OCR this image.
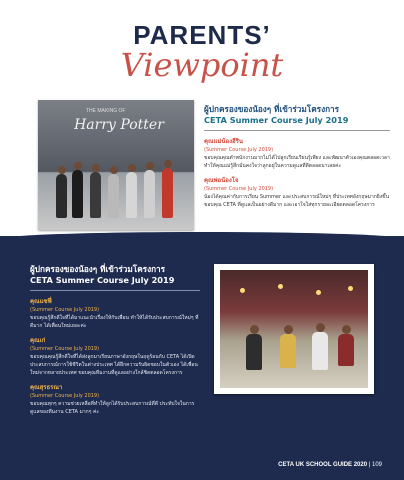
PARENTS’
Viewpoint
THE MAKING OF
Harry Potter
ผู้ปกครองของน้องๆ ที่เข้าร่วมโครงการ
CETA Summer Course July 2019
คุณแม่น้องฮีริน
(Summer Course July 2019)
ขอบคุณคุณตำพนักงานมากไม่ได้ไปลูกเรียนเรียนรู้เพียง และพัฒนาตัวเองคุณตลอดเวลา ทำให้คุณแม่รู้สึกมั่นคงใจว่าลูกอยู่ในความดูแลที่ดีตลอดมาเลยค่ะ
คุณพ่อน้องโจ
(Summer Course July 2019)
น้องได้คุณค่ากับการเรียน Summer และประสบการณ์ใหม่ๆ ที่ประเทศอังกฤษมากยิ่งขึ้น ขอบคุณ CETA ที่ดูแลเป็นอย่างดีมาก และเอาใจใส่ทุกรายละเอียดตลอดโครงการ
ผู้ปกครองของน้องๆ ที่เข้าร่วมโครงการ
CETA Summer Course July 2019
คุณแซฟี่
(Summer Course July 2019)
ขอบคุณรู้สึกดีใจที่ได้มาแนะนำเรื่องให้กับเพื่อน ทำให้ได้รับประสบการณ์ใหม่ๆ ที่ดีมาก ได้เพื่อนใหม่เยอะค่ะ
คุณเก่
(Summer Course July 2019)
ขอบคุณคุณรู้สึกดีใจที่ได้ส่งลูกมาเรียนภาษาอังกฤษในฤดูร้อนกับ CETA ได้เปิดประสบการณ์การใช้ชีวิตในต่างประเทศ ได้ฝึกความรับผิดชอบในตัวเอง ได้เพื่อนใหม่จากหลายประเทศ ขอบคุณทีมงานที่ดูแลอย่างใกล้ชิดตลอดโครงการ
คุณสุรธรณา
(Summer Course July 2019)
ขอบคุณทุกๆ ความช่วยเหลือที่ทำให้ลูกได้รับประสบการณ์ที่ดี ประทับใจในการดูแลของทีมงาน CETA มากๆ ค่ะ
CETA UK SCHOOL GUIDE 2020 | 109
